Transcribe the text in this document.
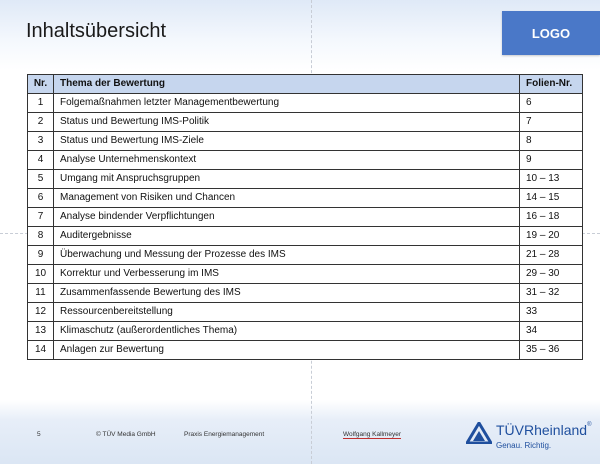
Inhaltsübersicht	LOGO
Nr.	Thema der Bewertung	Folien-Nr.
1	Folgemaßnahmen letzter Managementbewertung	6
2	Status und Bewertung IMS-Politik	7
3	Status und Bewertung IMS-Ziele	8
4	Analyse Unternehmenskontext	9
5	Umgang mit Anspruchsgruppen	10 – 13
6	Management von Risiken und Chancen	14 – 15
7	Analyse bindender Verpflichtungen	16 – 18
8	Auditergebnisse	19 – 20
9	Überwachung und Messung der Prozesse des IMS	21 – 28
10	Korrektur und Verbesserung im IMS	29 – 30
11	Zusammenfassende Bewertung des IMS	31 – 32
12	Ressourcenbereitstellung	33
13	Klimaschutz (außerordentliches Thema)	34
14	Anlagen zur Bewertung	35 – 36
5	© TÜV Media GmbH	Praxis Energiemanagement	Wolfgang Kallmeyer	TÜVRheinland®
Genau. Richtig.
